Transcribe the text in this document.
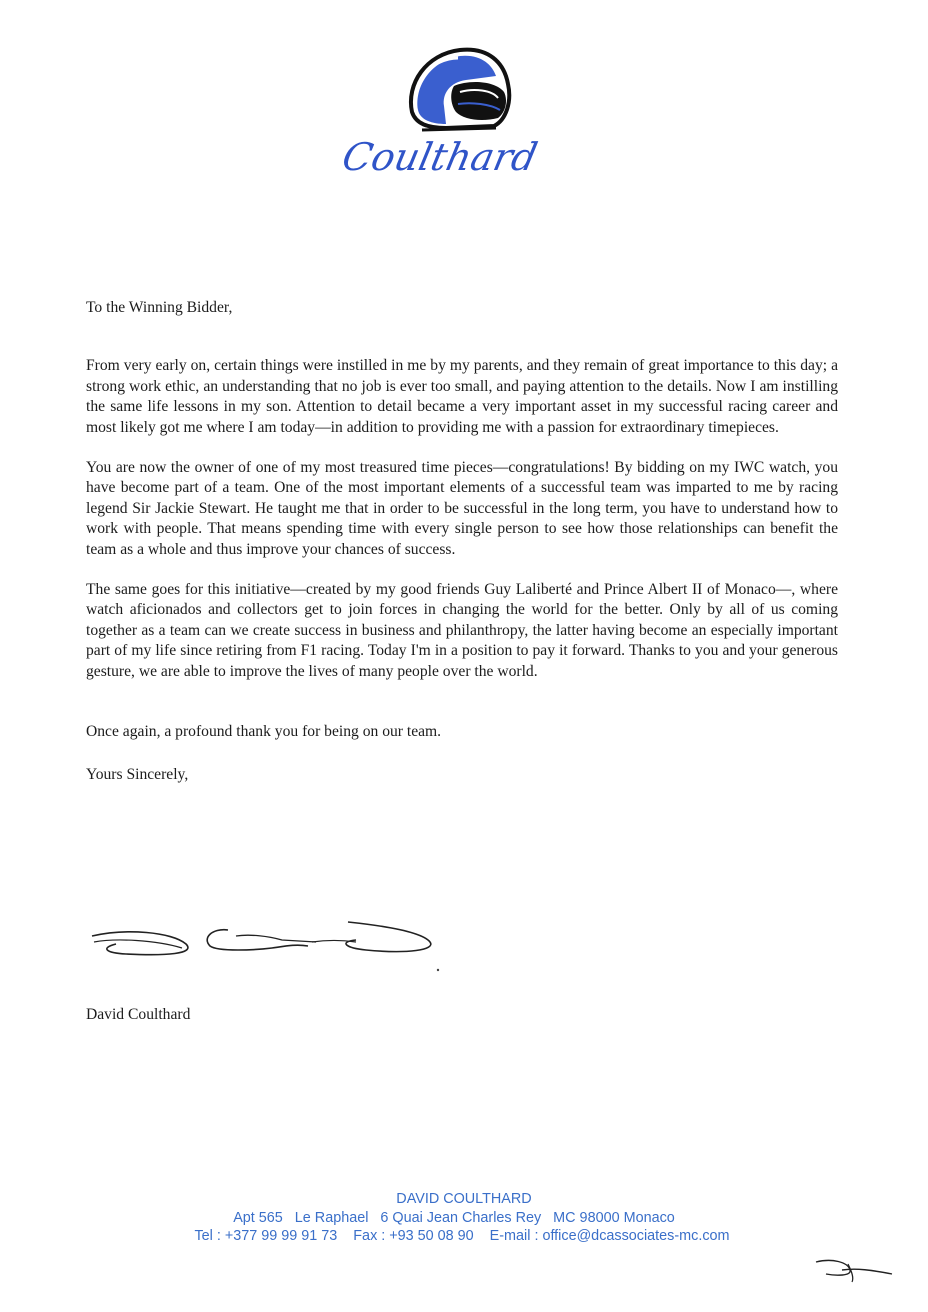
Coulthard

To the Winning Bidder,

From very early on, certain things were instilled in me by my parents, and they remain of great importance to this day; a strong work ethic, an understanding that no job is ever too small, and paying attention to the details. Now I am instilling the same life lessons in my son. Attention to detail became a very important asset in my successful racing career and most likely got me where I am today—in addition to providing me with a passion for extraordinary timepieces.

You are now the owner of one of my most treasured time pieces—congratulations! By bidding on my IWC watch, you have become part of a team. One of the most important elements of a successful team was imparted to me by racing legend Sir Jackie Stewart. He taught me that in order to be successful in the long term, you have to understand how to work with people. That means spending time with every single person to see how those relationships can benefit the team as a whole and thus improve your chances of success.

The same goes for this initiative—created by my good friends Guy Laliberté and Prince Albert II of Monaco—, where watch aficionados and collectors get to join forces in changing the world for the better. Only by all of us coming together as a team can we create success in business and philanthropy, the latter having become an especially important part of my life since retiring from F1 racing. Today I'm in a position to pay it forward. Thanks to you and your generous gesture, we are able to improve the lives of many people over the world.

Once again, a profound thank you for being on our team.

Yours Sincerely,

David Coulthard
DAVID COULTHARD
Apt 565   Le Raphael   6 Quai Jean Charles Rey   MC 98000 Monaco
Tel : +377 99 99 91 73    Fax : +93 50 08 90    E-mail : office@dcassociates-mc.com
